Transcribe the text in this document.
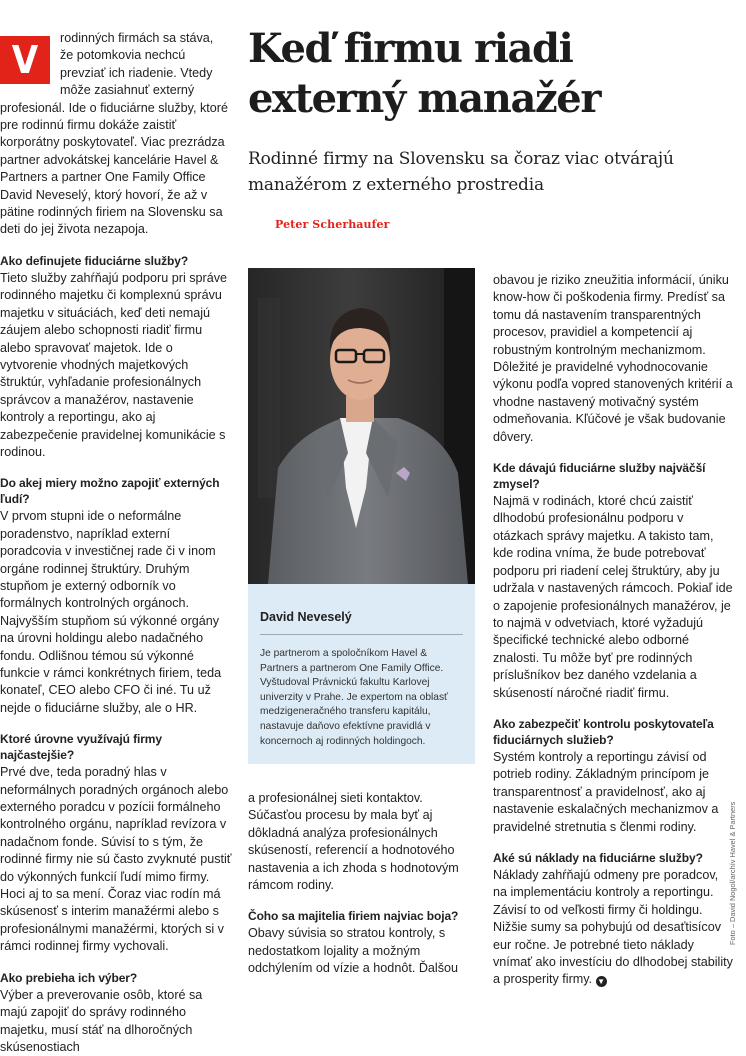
V	rodinných firmách sa stáva,
že potomkovia nechcú
prevziať ich riadenie. Vtedy
môže zasiahnuť externý
profesionál. Ide o fiduciárne služby, ktoré pre rodinnú firmu dokáže zaistiť korporátny poskytovateľ. Viac prezrádza partner advokátskej kancelárie Havel & Partners a partner One Family Office David Neveselý, ktorý hovorí, že až v pätine rodinných firiem na Slovensku sa deti do jej života nezapoja.

Ako definujete fiduciárne služby?

Tieto služby zahŕňajú podporu pri správe rodinného majetku či komplexnú správu majetku v situáciách, keď deti nemajú záujem alebo schopnosti riadiť firmu alebo spravovať majetok. Ide o vytvorenie vhodných majetkových štruktúr, vyhľadanie profesionálnych správcov a manažérov, nastavenie kontroly a reportingu, ako aj zabezpečenie pravidelnej komunikácie s rodinou.

Do akej miery možno zapojiť externých ľudí?

V prvom stupni ide o neformálne poradenstvo, napríklad externí poradcovia v investičnej rade či v inom orgáne rodinnej štruktúry. Druhým stupňom je externý odborník vo formálnych kontrolných orgánoch. Najvyšším stupňom sú výkonné orgány na úrovni holdingu alebo nadačného fondu. Odlišnou témou sú výkonné funkcie v rámci konkrétnych firiem, teda konateľ, CEO alebo CFO či iné. Tu už nejde o fiduciárne služby, ale o HR.

Ktoré úrovne využívajú firmy najčastejšie?

Prvé dve, teda poradný hlas v neformálnych poradných orgánoch alebo externého poradcu v pozícii formálneho kontrolného orgánu, napríklad revízora v nadačnom fonde. Súvisí to s tým, že rodinné firmy nie sú často zvyknuté pustiť do výkonných funkcií ľudí mimo firmy. Hoci aj to sa mení. Čoraz viac rodín má skúsenosť s interim manažérmi alebo s profesionálnymi manažérmi, ktorých si v rámci rodinnej firmy vychovali.

Ako prebieha ich výber?

Výber a preverovanie osôb, ktoré sa majú zapojiť do správy rodinného majetku, musí stáť na dlhoročných skúsenostiach

Keď firmu riadi externý manažér

Rodinné firmy na Slovensku sa čoraz viac otvárajú manažérom z externého prostredia

Peter Scherhaufer

David Neveselý

Je partnerom a spoločníkom Havel & Partners a partnerom One Family Office. Vyštudoval Právnickú fakultu Karlovej univerzity v Prahe. Je expertom na oblasť medzigeneračného transferu kapitálu, nastavuje daňovo efektívne pravidlá v koncernoch aj rodinných holdingoch.

a profesionálnej sieti kontaktov. Súčasťou procesu by mala byť aj dôkladná analýza profesionálnych skúseností, referencií a hodnotového nastavenia a ich zhoda s hodnotovým rámcom rodiny.

Čoho sa majitelia firiem najviac boja?

Obavy súvisia so stratou kontroly, s nedostatkom lojality a možným odchýlením od vízie a hodnôt. Ďalšou

obavou je riziko zneužitia informácií, úniku know-how či poškodenia firmy. Predísť sa tomu dá nastavením transparentných procesov, pravidiel a kompetencií aj robustným kontrolným mechanizmom. Dôležité je pravidelné vyhodnocovanie výkonu podľa vopred stanovených kritérií a vhodne nastavený motivačný systém odmeňovania. Kľúčové je však budovanie dôvery.

Kde dávajú fiduciárne služby najväčší zmysel?

Najmä v rodinách, ktoré chcú zaistiť dlhodobú profesionálnu podporu v otázkach správy majetku. A takisto tam, kde rodina vníma, že bude potrebovať podporu pri riadení celej štruktúry, aby ju udržala v nastavených rámcoch. Pokiaľ ide o zapojenie profesionálnych manažérov, je to najmä v odvetviach, ktoré vyžadujú špecifické technické alebo odborné znalosti. Tu môže byť pre rodinných príslušníkov bez daného vzdelania a skúseností náročné riadiť firmu.

Ako zabezpečiť kontrolu poskytovateľa fiduciárnych služieb?

Systém kontroly a reportingu závisí od potrieb rodiny. Základným princípom je transparentnosť a pravidelnosť, ako aj nastavenie eskalačných mechanizmov a pravidelné stretnutia s členmi rodiny.

Aké sú náklady na fiduciárne služby?

Náklady zahŕňajú odmeny pre poradcov, na implementáciu kontroly a reportingu. Závisí to od veľkosti firmy či holdingu. Nižšie sumy sa pohybujú od desaťtisícov eur ročne. Je potrebné tieto náklady vnímať ako investíciu do dlhodobej stability a prosperity firmy. ▼

Foto – David Nogol/archív Havel & Partners
